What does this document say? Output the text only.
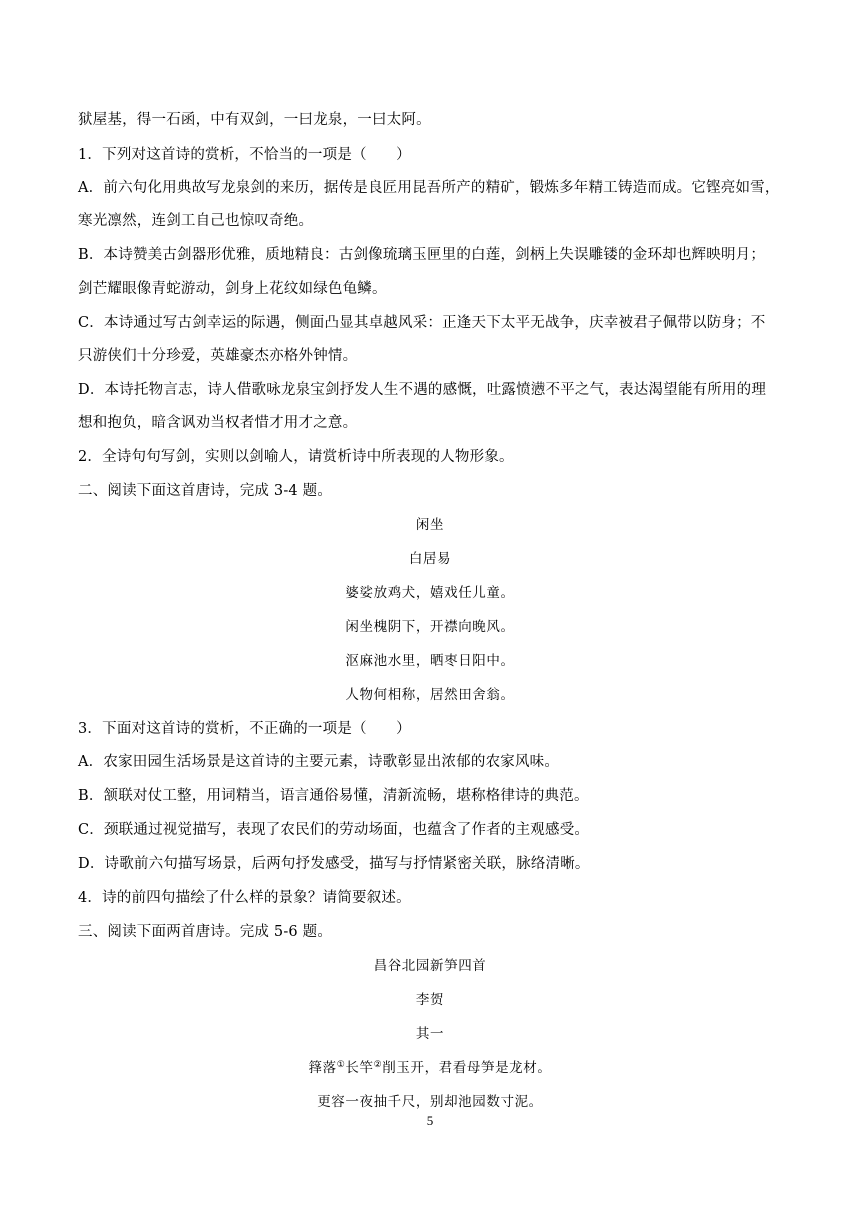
狱屋基，得一石函，中有双剑，一曰龙泉，一曰太阿。
1．下列对这首诗的赏析，不恰当的一项是（　　）
A．前六句化用典故写龙泉剑的来历，据传是良匠用昆吾所产的精矿，锻炼多年精工铸造而成。它铿亮如雪，
寒光凛然，连剑工自己也惊叹奇绝。
B．本诗赞美古剑器形优雅，质地精良：古剑像琉璃玉匣里的白莲，剑柄上失误雕镂的金环却也辉映明月；
剑芒耀眼像青蛇游动，剑身上花纹如绿色龟鳞。
C．本诗通过写古剑幸运的际遇，侧面凸显其卓越风采：正逢天下太平无战争，庆幸被君子佩带以防身；不
只游侠们十分珍爱，英雄豪杰亦格外钟情。
D．本诗托物言志，诗人借歌咏龙泉宝剑抒发人生不遇的感慨，吐露愤懑不平之气，表达渴望能有所用的理
想和抱负，暗含讽劝当权者惜才用才之意。
2．全诗句句写剑，实则以剑喻人，请赏析诗中所表现的人物形象。
二、阅读下面这首唐诗，完成 3-4 题。
闲坐
白居易
婆娑放鸡犬，嬉戏任儿童。
闲坐槐阴下，开襟向晚风。
沤麻池水里，晒枣日阳中。
人物何相称，居然田舍翁。
3．下面对这首诗的赏析，不正确的一项是（　　）
A．农家田园生活场景是这首诗的主要元素，诗歌彰显出浓郁的农家风味。
B．颔联对仗工整，用词精当，语言通俗易懂，清新流畅，堪称格律诗的典范。
C．颈联通过视觉描写，表现了农民们的劳动场面，也蕴含了作者的主观感受。
D．诗歌前六句描写场景，后两句抒发感受，描写与抒情紧密关联，脉络清晰。
4．诗的前四句描绘了什么样的景象？请简要叙述。
三、阅读下面两首唐诗。完成 5-6 题。
昌谷北园新笋四首
李贺
其一
箨落①长竿②削玉开，君看母笋是龙材。
更容一夜抽千尺，别却池园数寸泥。
5
